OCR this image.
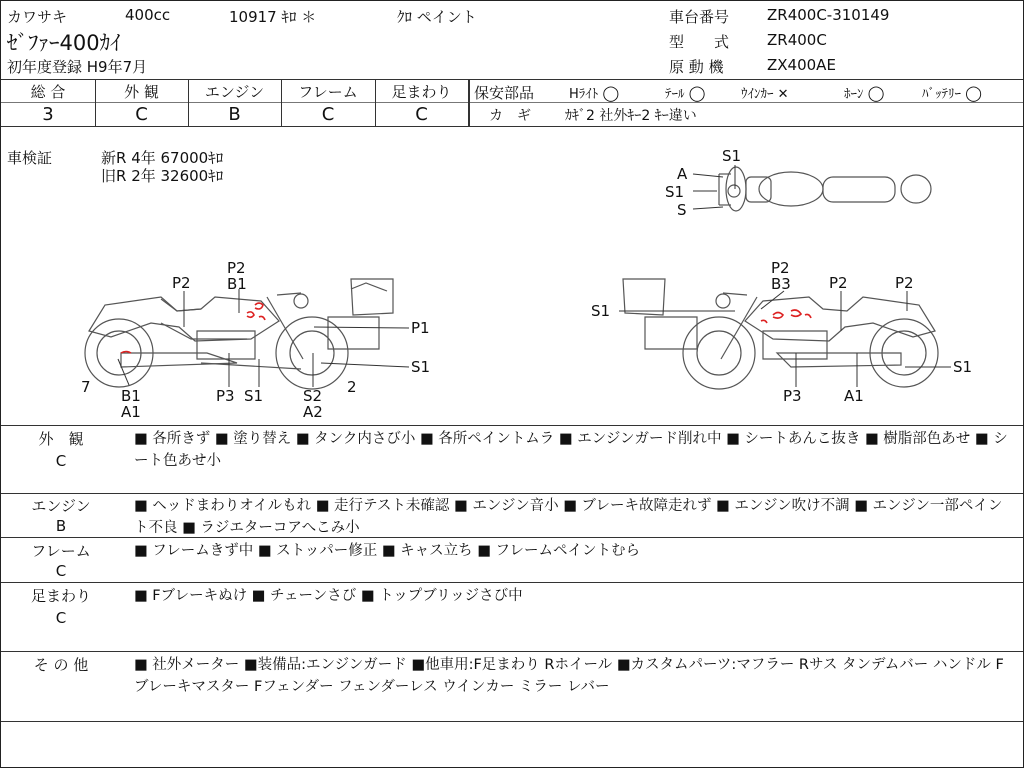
カワサキ	400cc	10917 ｷﾛ ＊	ｸﾛ ペイント
ｾﾞﾌｧｰ400ｶｲ
初年度登録 H9年7月
車台番号	ZR400C-310149
型　　式	ZR400C
原 動 機	ZX400AE
総 合	外 観	エンジン	フレーム	足まわり
3	C	B	C	C
保安部品	Hﾗｲﾄ ◯	ﾃｰﾙ ◯	ｳｲﾝｶｰ ✕	ﾎｰﾝ ◯	ﾊﾞｯﾃﾘｰ ◯
カ　ギ ｶｷﾞ2 社外ｷｰ2 ｷｰ違い
車検証	新R 4年 67000ｷﾛ
旧R 2年 32600ｷﾛ
S1
A
S1
S
P2
P2
B1
P1
S1
7 B1
A1
P3 S1	S2
A2
2
P2
B3	P2	P2
S1
S1
P3	A1
外　観
C
■ 各所きず ■ 塗り替え ■ タンク内さび小 ■ 各所ペイントムラ ■ エンジンガード削れ中 ■ シートあんこ抜き ■ 樹脂部色あせ ■ シート色あせ小
エンジン
B
■ ヘッドまわりオイルもれ ■ 走行テスト未確認 ■ エンジン音小 ■ ブレーキ故障走れず ■ エンジン吹け不調 ■ エンジン一部ペイント不良 ■ ラジエターコアへこみ小
フレーム
C
■ フレームきず中 ■ ストッパー修正 ■ キャス立ち ■ フレームペイントむら
足まわり
C
■ Fブレーキぬけ ■ チェーンさび ■ トップブリッジさび中
そ の 他	■ 社外メーター ■装備品:エンジンガード ■他車用:F足まわり Rホイール ■カスタムパーツ:マフラー Rサス タンデムバー ハンドル Fブレーキマスター Fフェンダー フェンダーレス ウインカー ミラー レバー
